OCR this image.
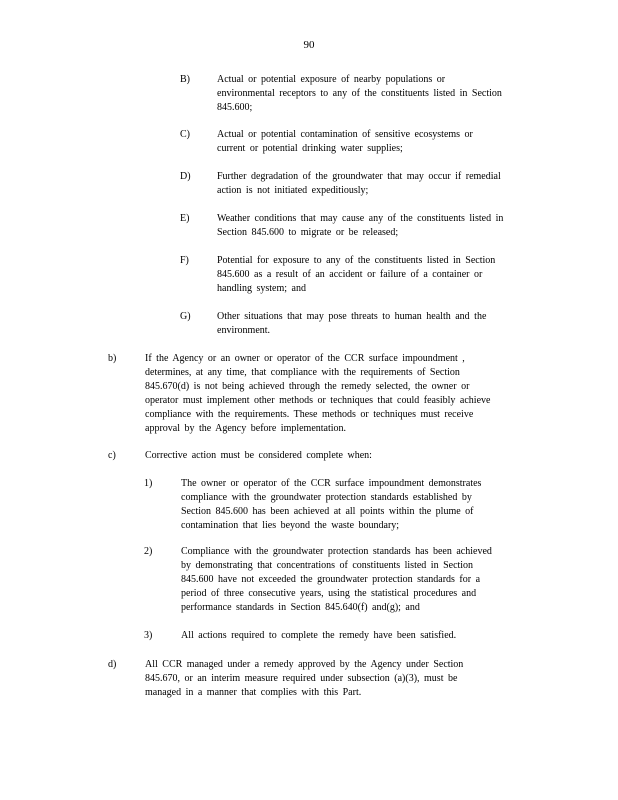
90
B)	Actual or potential exposure of nearby populations or
environmental receptors to any of the constituents listed in Section
845.600;
C)	Actual or potential contamination of sensitive ecosystems or
current or potential drinking water supplies;
D)	Further degradation of the groundwater that may occur if remedial
action is not initiated expeditiously;
E)	Weather conditions that may cause any of the constituents listed in
Section 845.600 to migrate or be released;
F)	Potential for exposure to any of the constituents listed in Section
845.600 as a result of an accident or failure of a container or
handling system; and
G)	Other situations that may pose threats to human health and the
environment.
b)	If the Agency or an owner or operator of the CCR surface impoundment ,
determines, at any time, that compliance with the requirements of Section
845.670(d) is not being achieved through the remedy selected, the owner or
operator must implement other methods or techniques that could feasibly achieve
compliance with the requirements. These methods or techniques must receive
approval by the Agency before implementation.
c)	Corrective action must be considered complete when:
1)	The owner or operator of the CCR surface impoundment demonstrates
compliance with the groundwater protection standards established by
Section 845.600 has been achieved at all points within the plume of
contamination that lies beyond the waste boundary;
2)	Compliance with the groundwater protection standards has been achieved
by demonstrating that concentrations of constituents listed in Section
845.600 have not exceeded the groundwater protection standards for a
period of three consecutive years, using the statistical procedures and
performance standards in Section 845.640(f) and(g); and
3)	All actions required to complete the remedy have been satisfied.
d)	All CCR managed under a remedy approved by the Agency under Section
845.670, or an interim measure required under subsection (a)(3), must be
managed in a manner that complies with this Part.
